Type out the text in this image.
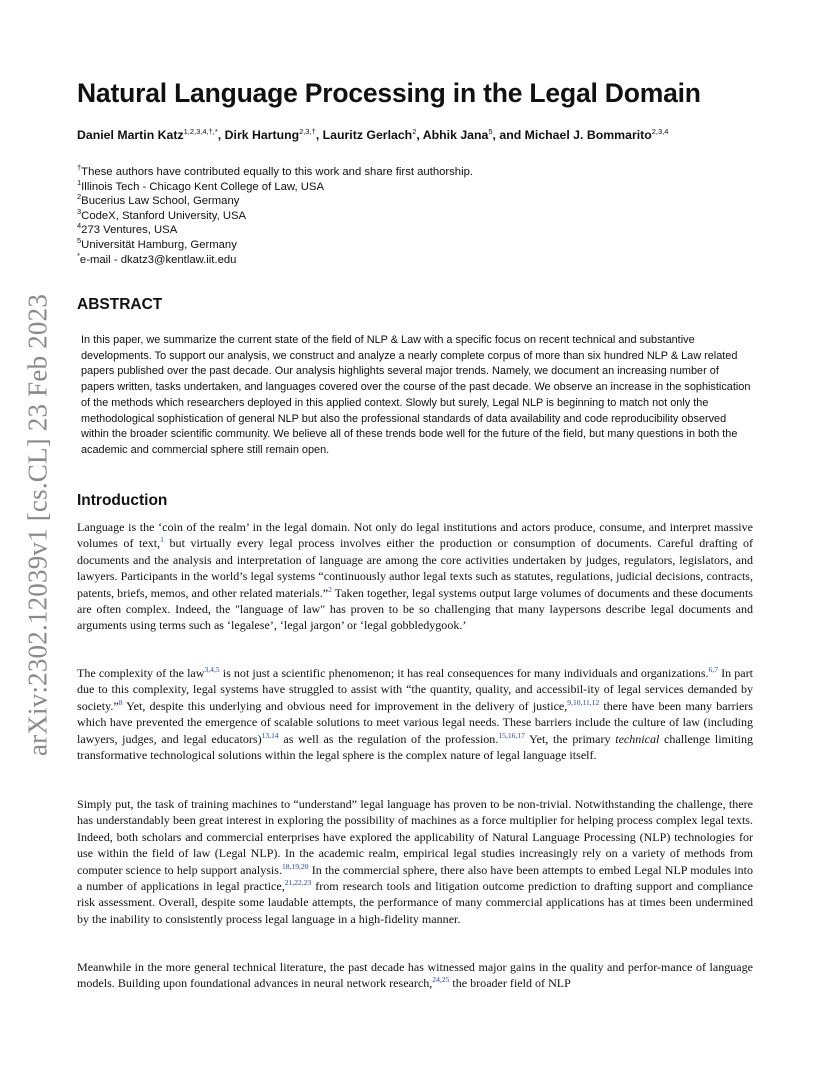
arXiv:2302.12039v1 [cs.CL] 23 Feb 2023
Natural Language Processing in the Legal Domain
Daniel Martin Katz$^{1,2,3,4,\dagger,*}$, Dirk Hartung$^{2,3,\dagger}$, Lauritz Gerlach$^2$, Abhik Jana$^5$, and Michael J. Bommarito$^{2,3,4}$
†These authors have contributed equally to this work and share first authorship.
$^1$Illinois Tech - Chicago Kent College of Law, USA
$^2$Bucerius Law School, Germany
$^3$CodeX, Stanford University, USA
$^4$273 Ventures, USA
$^5$Universität Hamburg, Germany
*e-mail - dkatz3@kentlaw.iit.edu
ABSTRACT

In this paper, we summarize the current state of the field of NLP & Law with a specific focus on recent technical and substantive developments. To support our analysis, we construct and analyze a nearly complete corpus of more than six hundred NLP & Law related papers published over the past decade. Our analysis highlights several major trends. Namely, we document an increasing number of papers written, tasks undertaken, and languages covered over the course of the past decade. We observe an increase in the sophistication of the methods which researchers deployed in this applied context. Slowly but surely, Legal NLP is beginning to match not only the methodological sophistication of general NLP but also the professional standards of data availability and code reproducibility observed within the broader scientific community. We believe all of these trends bode well for the future of the field, but many questions in both the academic and commercial sphere still remain open.

Introduction

Language is the ‘coin of the realm’ in the legal domain. Not only do legal institutions and actors produce, consume, and interpret massive volumes of text,$^1$ but virtually every legal process involves either the production or consumption of documents. Careful drafting of documents and the analysis and interpretation of language are among the core activities undertaken by judges, regulators, legislators, and lawyers. Participants in the world’s legal systems “continuously author legal texts such as statutes, regulations, judicial decisions, contracts, patents, briefs, memos, and other related materials.”$^2$ Taken together, legal systems output large volumes of documents and these documents are often complex. Indeed, the "language of law" has proven to be so challenging that many laypersons describe legal documents and arguments using terms such as ‘legalese’, ‘legal jargon’ or ‘legal gobbledygook.’

The complexity of the law$^{3,4,5}$ is not just a scientific phenomenon; it has real consequences for many individuals and organizations.$^{6,7}$ In part due to this complexity, legal systems have struggled to assist with “the quantity, quality, and accessibil-ity of legal services demanded by society.”$^8$ Yet, despite this underlying and obvious need for improvement in the delivery of justice,$^{9,10,11,12}$ there have been many barriers which have prevented the emergence of scalable solutions to meet various legal needs. These barriers include the culture of law (including lawyers, judges, and legal educators)$^{13,14}$ as well as the regulation of the profession.$^{15,16,17}$ Yet, the primary technical challenge limiting transformative technological solutions within the legal sphere is the complex nature of legal language itself.

Simply put, the task of training machines to “understand” legal language has proven to be non-trivial. Notwithstanding the challenge, there has understandably been great interest in exploring the possibility of machines as a force multiplier for helping process complex legal texts. Indeed, both scholars and commercial enterprises have explored the applicability of Natural Language Processing (NLP) technologies for use within the field of law (Legal NLP). In the academic realm, empirical legal studies increasingly rely on a variety of methods from computer science to help support analysis.$^{18,19,20}$ In the commercial sphere, there also have been attempts to embed Legal NLP modules into a number of applications in legal practice,$^{21,22,23}$ from research tools and litigation outcome prediction to drafting support and compliance risk assessment. Overall, despite some laudable attempts, the performance of many commercial applications has at times been undermined by the inability to consistently process legal language in a high-fidelity manner.

Meanwhile in the more general technical literature, the past decade has witnessed major gains in the quality and perfor-mance of language models. Building upon foundational advances in neural network research,$^{24,25}$ the broader field of NLP
